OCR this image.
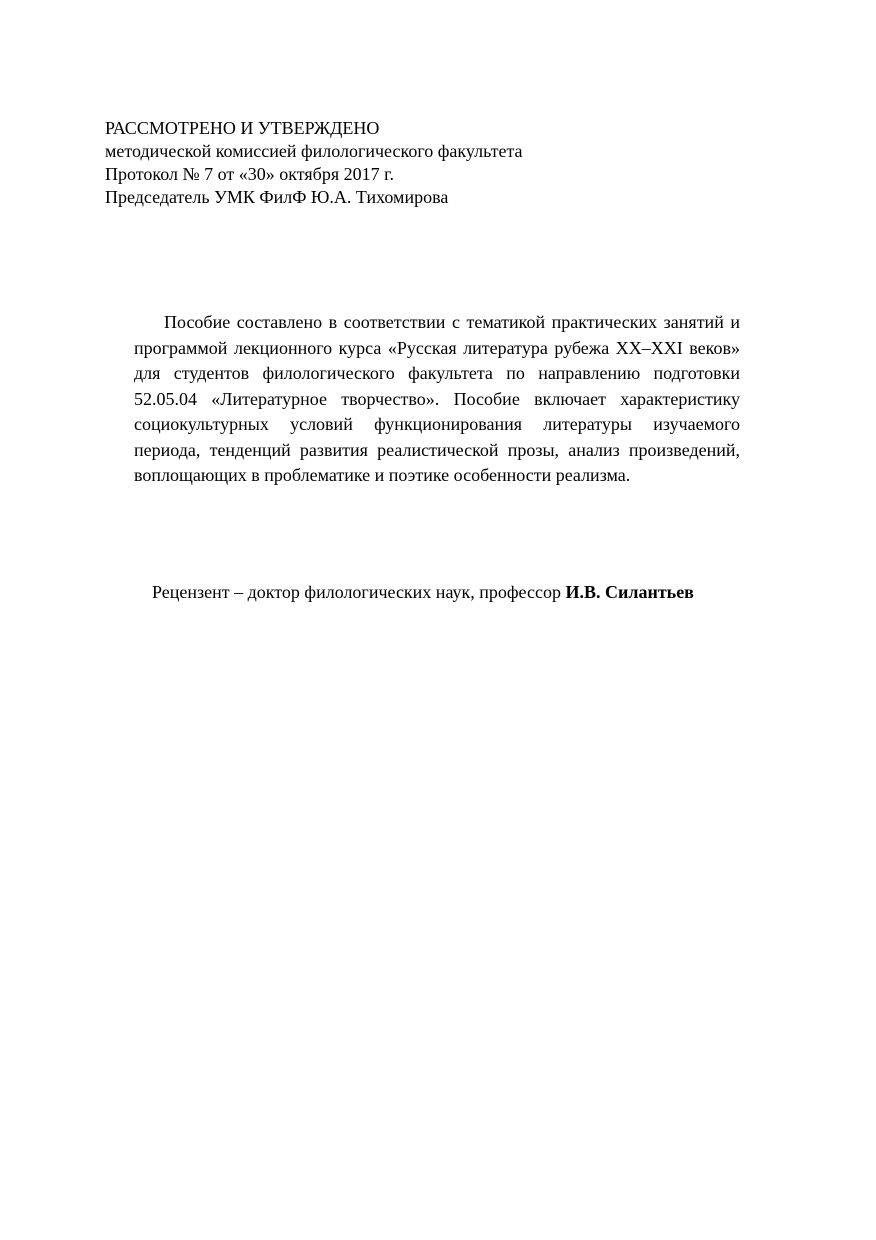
РАССМОТРЕНО И УТВЕРЖДЕНО
методической комиссией филологического факультета
Протокол № 7 от «30» октября 2017 г.
Председатель УМК ФилФ Ю.А. Тихомирова

Пособие составлено в соответствии с тематикой практических занятий и программой лекционного курса «Русская литература рубежа XX–XXI веков» для студентов филологического факультета по направлению подготовки 52.05.04 «Литературное творчество». Пособие включает характеристику социокультурных условий функционирования литературы изучаемого периода, тенденций развития реалистической прозы, анализ произведений, воплощающих в проблематике и поэтике особенности реализма.

Рецензент – доктор филологических наук, профессор И.В. Силантьев
